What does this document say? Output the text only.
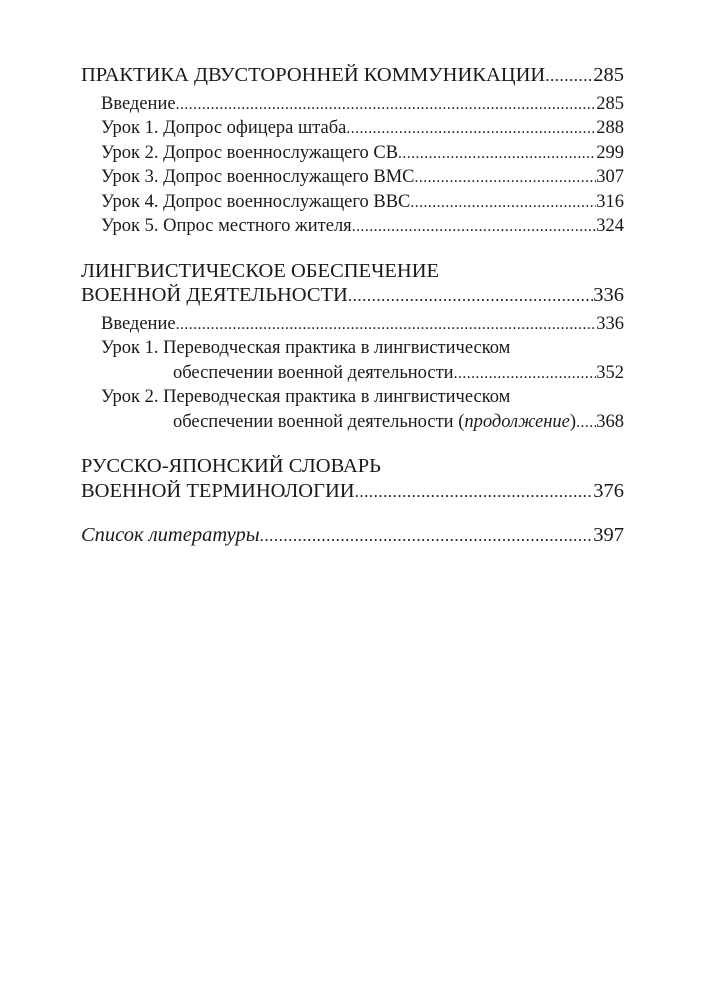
ПРАКТИКА ДВУСТОРОННЕЙ КОММУНИКАЦИИ ..... 285
Введение .....	285
Урок 1. Допрос офицера штаба .....	288
Урок 2. Допрос военнослужащего СВ .....	299
Урок 3. Допрос военнослужащего ВМС .....	307
Урок 4. Допрос военнослужащего ВВС .....	316
Урок 5. Опрос местного жителя .....	324
ЛИНГВИСТИЧЕСКОЕ ОБЕСПЕЧЕНИЕ
ВОЕННОЙ ДЕЯТЕЛЬНОСТИ .....	336
Введение .....	336
Урок 1. Переводческая практика в лингвистическом
обеспечении военной деятельности .....	352
Урок 2. Переводческая практика в лингвистическом
обеспечении военной деятельности (продолжение) ..... 368
РУССКО-ЯПОНСКИЙ СЛОВАРЬ
ВОЕННОЙ ТЕРМИНОЛОГИИ .....	376
Список литературы .....	397
